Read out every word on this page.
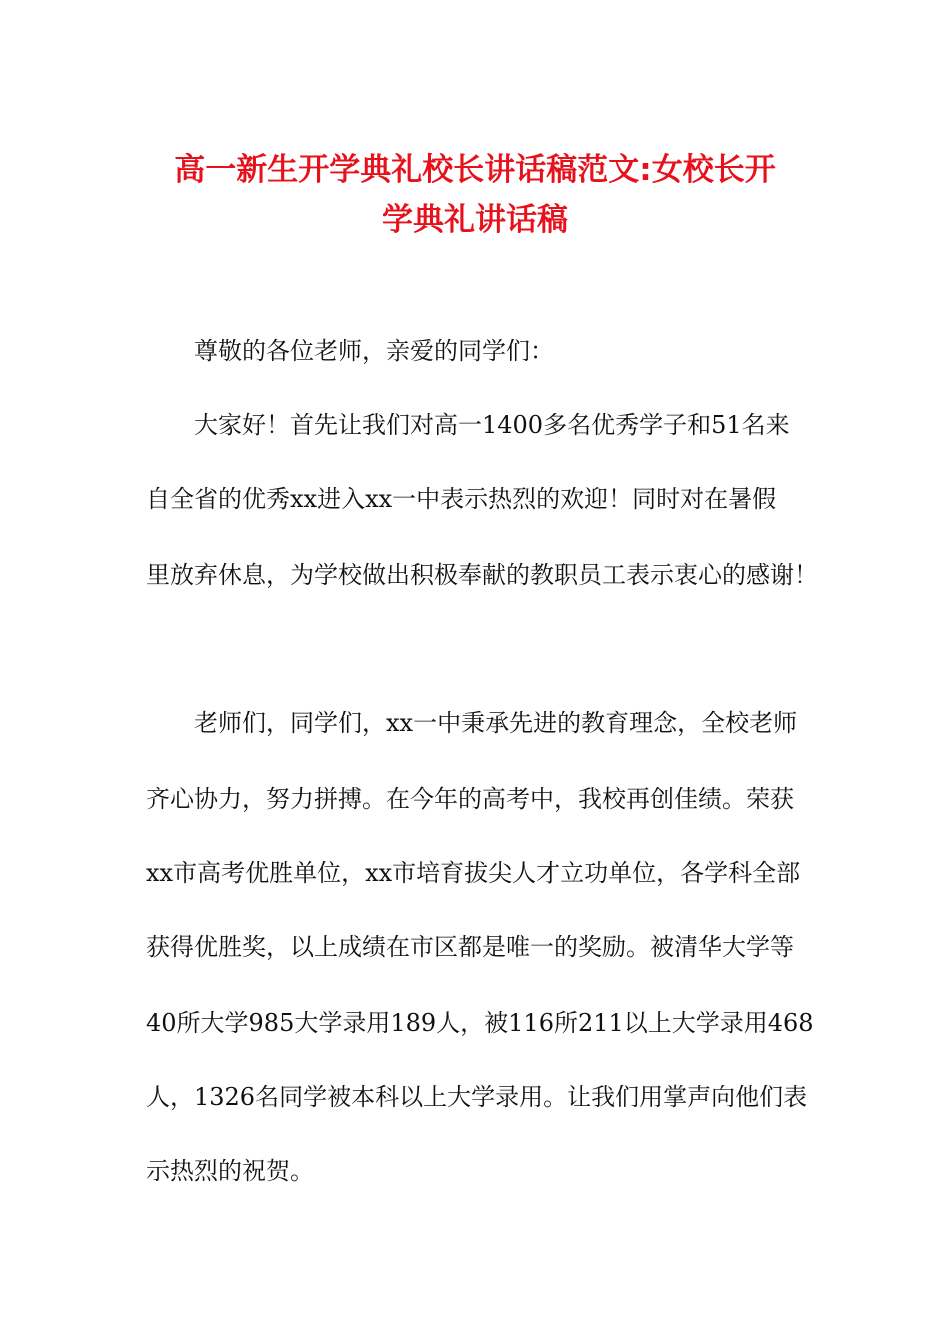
高一新生开学典礼校长讲话稿范文:女校长开
学典礼讲话稿

尊敬的各位老师，亲爱的同学们：

大家好！首先让我们对高一1400多名优秀学子和51名来

自全省的优秀xx进入xx一中表示热烈的欢迎！同时对在暑假

里放弃休息，为学校做出积极奉献的教职员工表示衷心的感谢！

老师们，同学们，xx一中秉承先进的教育理念，全校老师

齐心协力，努力拼搏。在今年的高考中，我校再创佳绩。荣获

xx市高考优胜单位，xx市培育拔尖人才立功单位，各学科全部

获得优胜奖，以上成绩在市区都是唯一的奖励。被清华大学等

40所大学985大学录用189人，被116所211以上大学录用468

人，1326名同学被本科以上大学录用。让我们用掌声向他们表

示热烈的祝贺。
